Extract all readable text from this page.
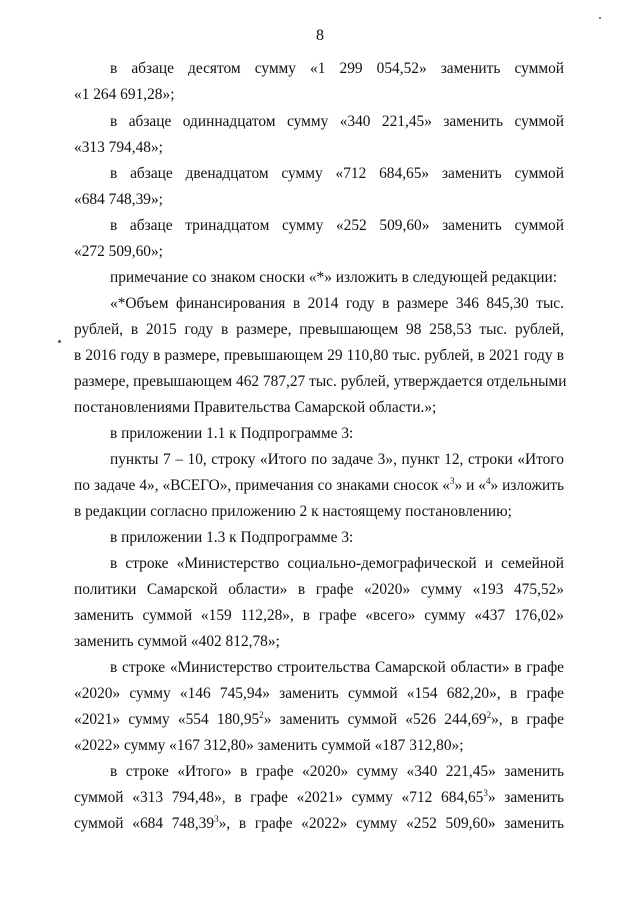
8
в абзаце десятом сумму «1 299 054,52» заменить суммой
«1 264 691,28»;
в абзаце одиннадцатом сумму «340 221,45» заменить суммой
«313 794,48»;
в абзаце двенадцатом сумму «712 684,65» заменить суммой
«684 748,39»;
в абзаце тринадцатом сумму «252 509,60» заменить суммой
«272 509,60»;
примечание со знаком сноски «*» изложить в следующей редакции:
«*Объем финансирования в 2014 году в размере 346 845,30 тыс.
рублей, в 2015 году в размере, превышающем 98 258,53 тыс. рублей,
в 2016 году в размере, превышающем 29 110,80 тыс. рублей, в 2021 году в
размере, превышающем 462 787,27 тыс. рублей, утверждается отдельными
постановлениями Правительства Самарской области.»;
в приложении 1.1 к Подпрограмме 3:
пункты 7 – 10, строку «Итого по задаче 3», пункт 12, строки «Итого
по задаче 4», «ВСЕГО», примечания со знаками сносок «$^3$» и «$^4$» изложить
в редакции согласно приложению 2 к настоящему постановлению;
в приложении 1.3 к Подпрограмме 3:
в строке «Министерство социально-демографической и семейной
политики Самарской области» в графе «2020» сумму «193 475,52»
заменить суммой «159 112,28», в графе «всего» сумму «437 176,02»
заменить суммой «402 812,78»;
в строке «Министерство строительства Самарской области» в графе
«2020» сумму «146 745,94» заменить суммой «154 682,20», в графе
«2021» сумму «554 180,95$^2$» заменить суммой «526 244,69$^2$», в графе
«2022» сумму «167 312,80» заменить суммой «187 312,80»;
в строке «Итого» в графе «2020» сумму «340 221,45» заменить
суммой «313 794,48», в графе «2021» сумму «712 684,65$^3$» заменить
суммой «684 748,39$^3$», в графе «2022» сумму «252 509,60» заменить
